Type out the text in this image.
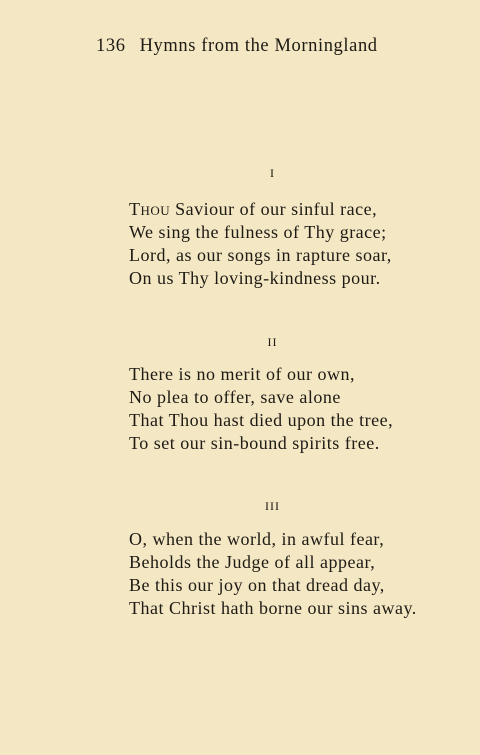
136 Hymns from the Morningland
I
Thou Saviour of our sinful race,
We sing the fulness of Thy grace;
Lord, as our songs in rapture soar,
On us Thy loving-kindness pour.
II
There is no merit of our own,
No plea to offer, save alone
That Thou hast died upon the tree,
To set our sin-bound spirits free.
III
O, when the world, in awful fear,
Beholds the Judge of all appear,
Be this our joy on that dread day,
That Christ hath borne our sins away.
